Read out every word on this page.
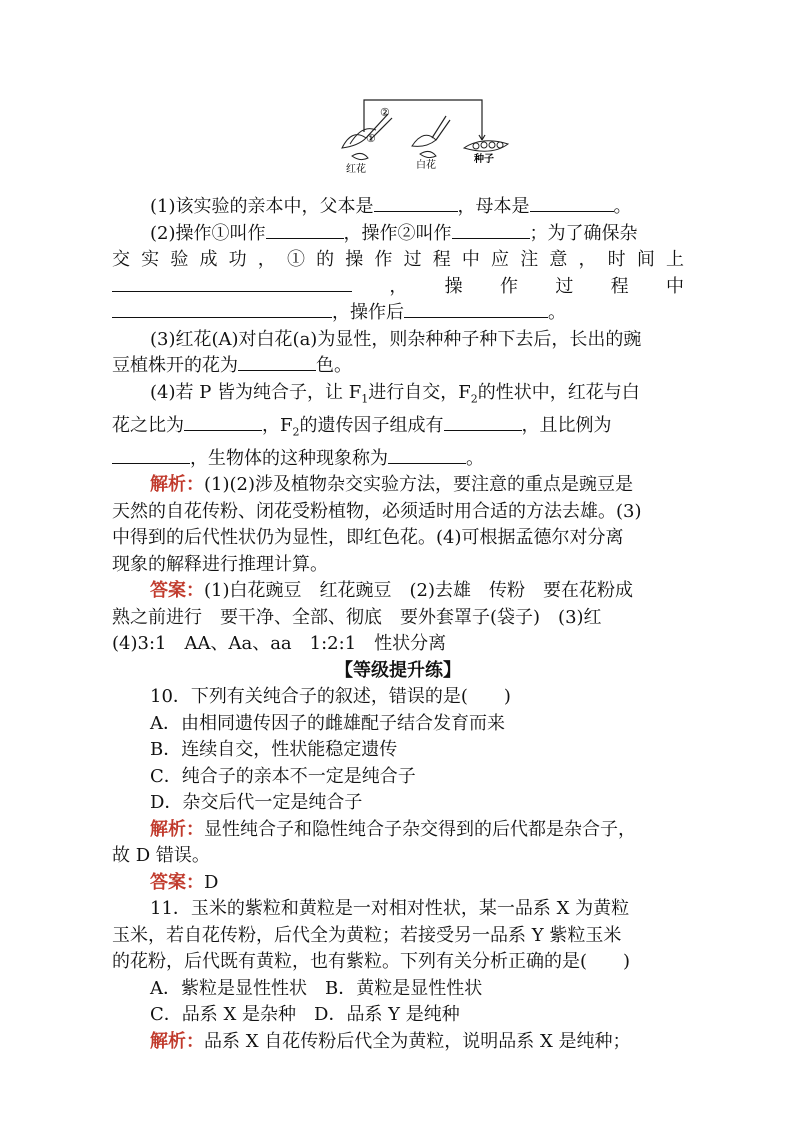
①
②
红花	白花
种子

(1)该实验的亲本中，父本是	，母本是	。

(2)操作①叫作	，操作②叫作	；为了确保杂

交实验成功，①的操作过程中应注意，时间上

，操作过程中

，操作后	。

(3)红花(A)对白花(a)为显性，则杂种种子种下去后，长出的豌

豆植株开的花为	色。

(4)若 P 皆为纯合子，让 $F_1$进行自交，$F_2$的性状中，红花与白

花之比为	，$F_2$的遗传因子组成有	，且比例为

，生物体的这种现象称为	。

解析：(1)(2)涉及植物杂交实验方法，要注意的重点是豌豆是

天然的自花传粉、闭花受粉植物，必须适时用合适的方法去雄。(3)

中得到的后代性状仍为显性，即红色花。(4)可根据孟德尔对分离

现象的解释进行推理计算。

答案：(1)白花豌豆　红花豌豆　(2)去雄　传粉　要在花粉成

熟之前进行　要干净、全部、彻底　要外套罩子(袋子)　(3)红

(4)3:1　AA、Aa、aa　1:2:1　性状分离

【等级提升练】

10．下列有关纯合子的叙述，错误的是(　　)

A．由相同遗传因子的雌雄配子结合发育而来

B．连续自交，性状能稳定遗传

C．纯合子的亲本不一定是纯合子

D．杂交后代一定是纯合子

解析：显性纯合子和隐性纯合子杂交得到的后代都是杂合子，

故 D 错误。

答案：D

11．玉米的紫粒和黄粒是一对相对性状，某一品系 X 为黄粒

玉米，若自花传粉，后代全为黄粒；若接受另一品系 Y 紫粒玉米

的花粉，后代既有黄粒，也有紫粒。下列有关分析正确的是(　　)

A．紫粒是显性性状　B．黄粒是显性性状

C．品系 X 是杂种　D．品系 Y 是纯种

解析：品系 X 自花传粉后代全为黄粒，说明品系 X 是纯种；
